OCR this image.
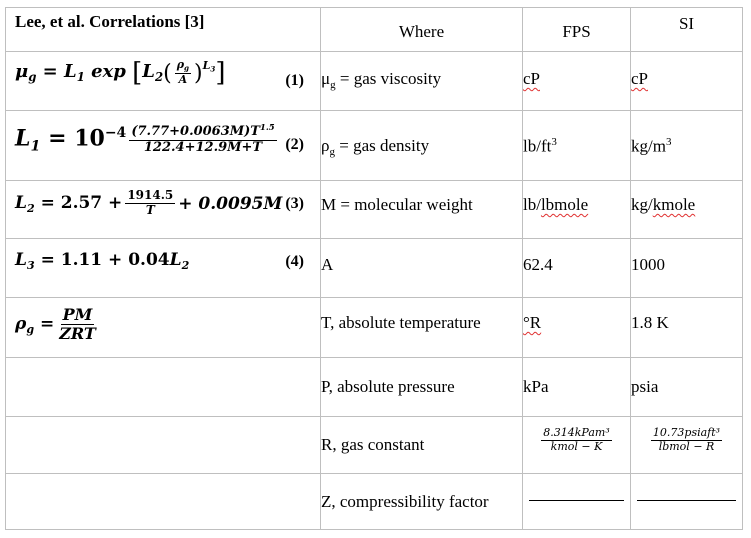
Lee, et al. Correlations [3]	Where	FPS	SI

$\mu_g = L_1$ exp [ $L_2$ ( $\frac{\rho_g}{A}$ ) $L_3$ ]	(1)	$\mu_g$ = gas viscosity	cP	cP

$L_1 = 10^{-4} \frac{(7.77+0.0063M)T^{1.5}}{122.4+12.9M+T} (2)$	$\rho_g$ = gas density	$lb/ft^3$	$kg/m^3$

$L_2 = 2.57 + \frac{1914.5}{T} + 0.0095M$ (3)	M = molecular weight	lb/lbmole	kg/kmole

$L_3 = 1.11 + 0.04L_2$ (4)	A	62.4	1000

$\rho_g = \frac{PM}{\text{ZRT}}$	T, absolute temperature	°R	1.8 K
	P, absolute pressure	kPa	psia
	R, gas constant	$\frac{\text{8.314kPam³}}{\text{kmol − K}}$	$\frac{\text{10.73psiaft³}}{\text{lbmol − R}}$

	Z, compressibility factor	
